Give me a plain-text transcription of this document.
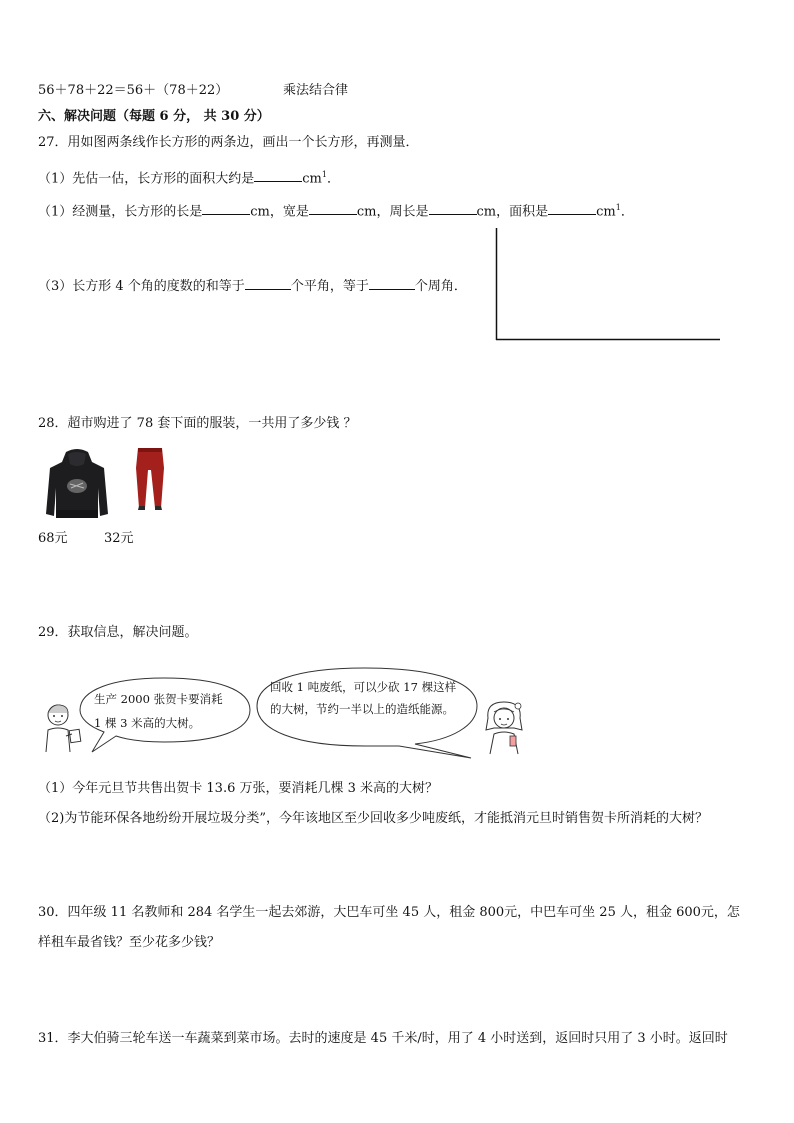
56＋78＋22＝56＋（78＋22）	乘法结合律
六、解决问题（每题 6 分， 共 30 分）
27．用如图两条线作长方形的两条边，画出一个长方形，再测量．
（1）先估一估，长方形的面积大约是	$cm^1$．
（1）经测量，长方形的长是	cm，宽是	cm，周长是	cm，面积是	$cm^1$．
（3）长方形 4 个角的度数的和等于	个平角，等于	个周角．
28．超市购进了 78 套下面的服装，一共用了多少钱 ？
68元	32元
29．获取信息，解决问题。
生产 2000 张贺卡要消耗
1 棵 3 米高的大树。
回收 1 吨废纸，可以少砍 17 棵这样
的大树，节约一半以上的造纸能源。
（1）今年元旦节共售出贺卡 13.6 万张，要消耗几棵 3 米高的大树？
（2)为节能环保各地纷纷开展垃圾分类”，今年该地区至少回收多少吨废纸，才能抵消元旦时销售贺卡所消耗的大树？
30．四年级 11 名教师和 284 名学生一起去郊游，大巴车可坐 45 人，租金 800元，中巴车可坐 25 人，租金 600元，怎
样租车最省钱？至少花多少钱？
31．李大伯骑三轮车送一车蔬菜到菜市场。去时的速度是 45 千米/时，用了 4 小时送到，返回时只用了 3 小时。返回时
